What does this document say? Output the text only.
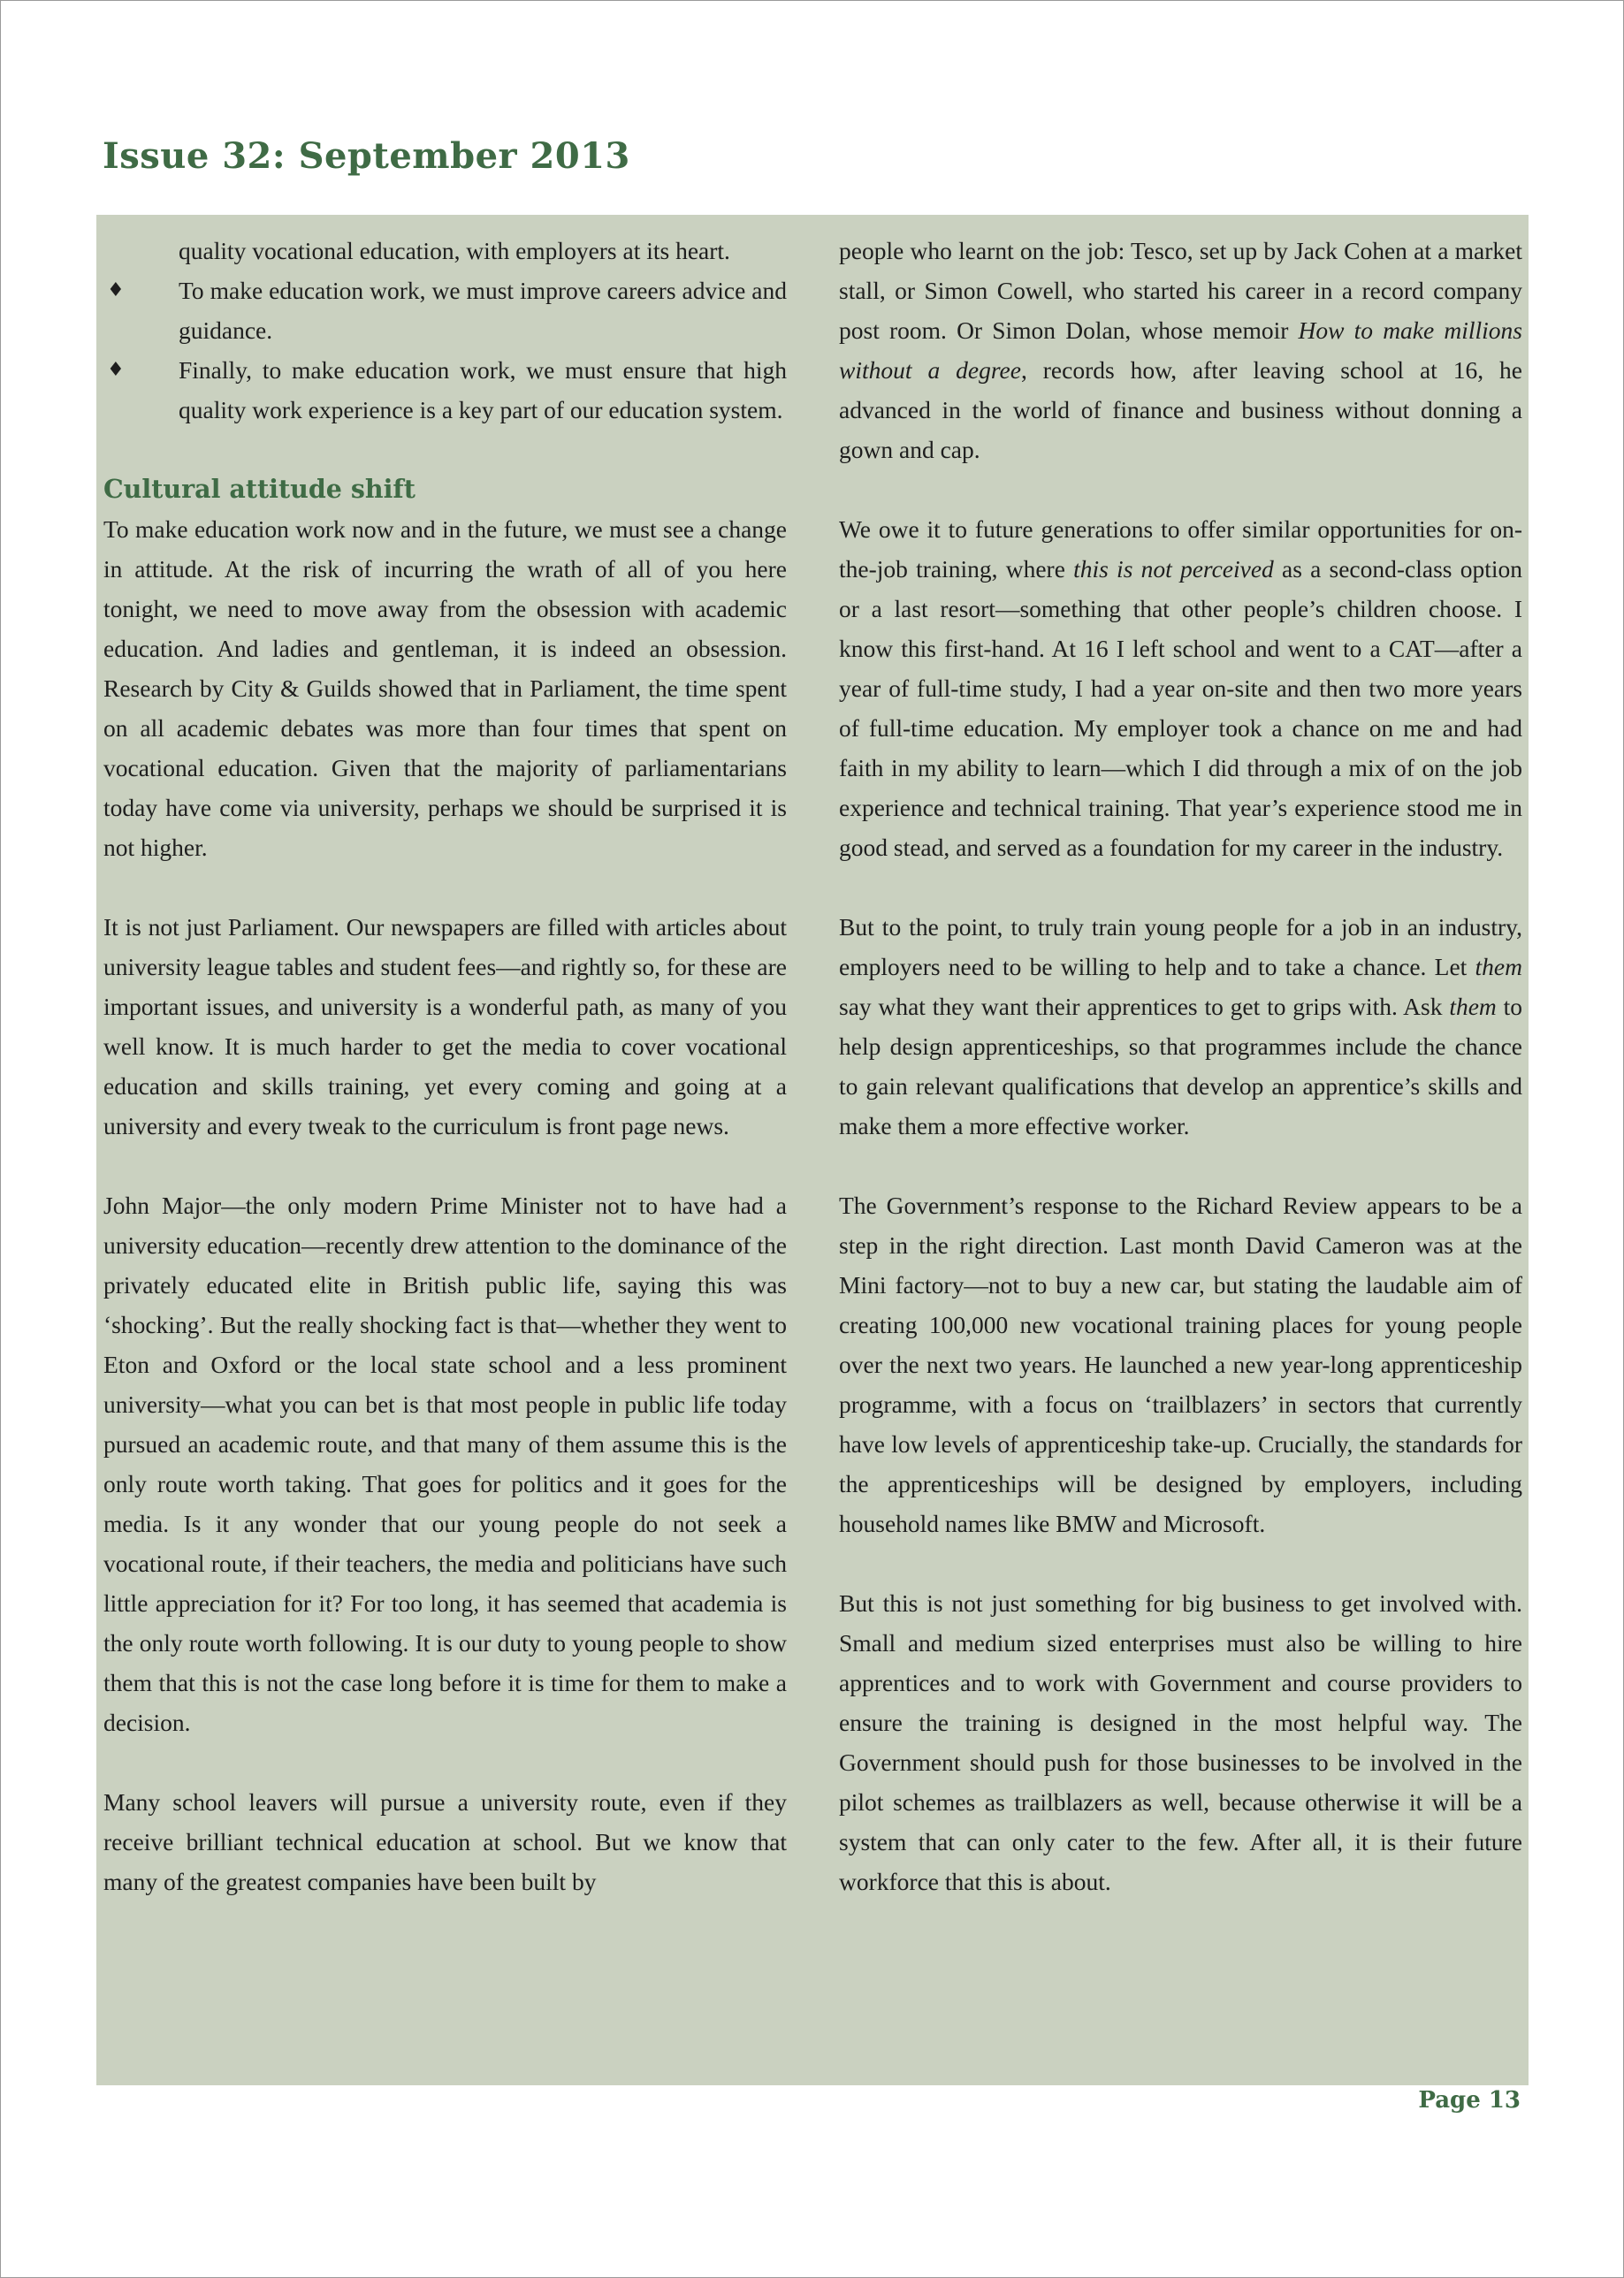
Issue 32: September 2013
quality vocational education, with employers at its heart.
♦ To make education work, we must improve careers advice and guidance.
♦ Finally, to make education work, we must ensure that high quality work experience is a key part of our education system.
Cultural attitude shift

To make education work now and in the future, we must see a change in attitude. At the risk of incurring the wrath of all of you here tonight, we need to move away from the obsession with academic education. And ladies and gentleman, it is indeed an obsession. Research by City & Guilds showed that in Parliament, the time spent on all academic debates was more than four times that spent on vocational education. Given that the majority of parliamentarians today have come via university, perhaps we should be surprised it is not higher.

It is not just Parliament. Our newspapers are filled with articles about university league tables and student fees—and rightly so, for these are important issues, and university is a wonderful path, as many of you well know. It is much harder to get the media to cover vocational education and skills training, yet every coming and going at a university and every tweak to the curriculum is front page news.

John Major—the only modern Prime Minister not to have had a university education—recently drew attention to the dominance of the privately educated elite in British public life, saying this was ‘shocking’. But the really shocking fact is that—whether they went to Eton and Oxford or the local state school and a less prominent university—what you can bet is that most people in public life today pursued an academic route, and that many of them assume this is the only route worth taking. That goes for politics and it goes for the media. Is it any wonder that our young people do not seek a vocational route, if their teachers, the media and politicians have such little appreciation for it? For too long, it has seemed that academia is the only route worth following. It is our duty to young people to show them that this is not the case long before it is time for them to make a decision.

Many school leavers will pursue a university route, even if they receive brilliant technical education at school. But we know that many of the greatest companies have been built by

people who learnt on the job: Tesco, set up by Jack Cohen at a market stall, or Simon Cowell, who started his career in a record company post room. Or Simon Dolan, whose memoir How to make millions without a degree, records how, after leaving school at 16, he advanced in the world of finance and business without donning a gown and cap.

We owe it to future generations to offer similar opportunities for on-the-job training, where this is not perceived as a second-class option or a last resort—something that other people’s children choose. I know this first-hand. At 16 I left school and went to a CAT—after a year of full-time study, I had a year on-site and then two more years of full-time education. My employer took a chance on me and had faith in my ability to learn—which I did through a mix of on the job experience and technical training. That year’s experience stood me in good stead, and served as a foundation for my career in the industry.

But to the point, to truly train young people for a job in an industry, employers need to be willing to help and to take a chance. Let them say what they want their apprentices to get to grips with. Ask them to help design apprenticeships, so that programmes include the chance to gain relevant qualifications that develop an apprentice’s skills and make them a more effective worker.

The Government’s response to the Richard Review appears to be a step in the right direction. Last month David Cameron was at the Mini factory—not to buy a new car, but stating the laudable aim of creating 100,000 new vocational training places for young people over the next two years. He launched a new year-long apprenticeship programme, with a focus on ‘trailblazers’ in sectors that currently have low levels of apprenticeship take-up. Crucially, the standards for the apprenticeships will be designed by employers, including household names like BMW and Microsoft.

But this is not just something for big business to get involved with. Small and medium sized enterprises must also be willing to hire apprentices and to work with Government and course providers to ensure the training is designed in the most helpful way. The Government should push for those businesses to be involved in the pilot schemes as trailblazers as well, because otherwise it will be a system that can only cater to the few. After all, it is their future workforce that this is about.

Page 13
